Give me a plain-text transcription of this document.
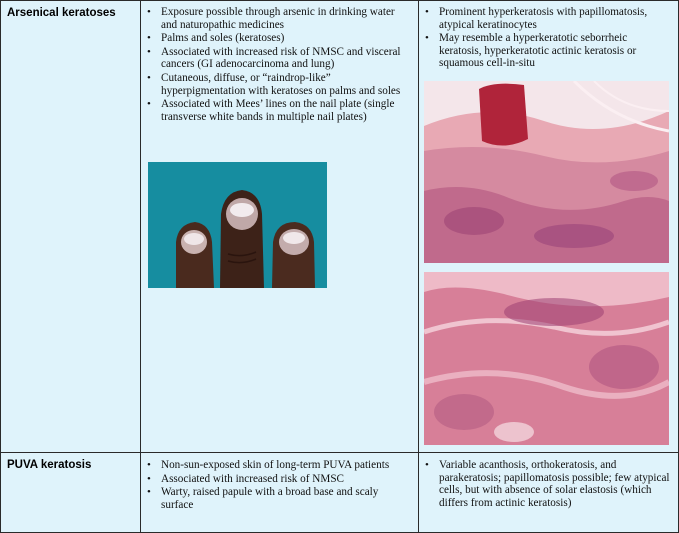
Arsenical keratoses	• Exposure possible through arsenic in drinking water and naturopathic medicines
• Palms and soles (keratoses)
• Associated with increased risk of NMSC and visceral cancers (GI adenocarcinoma and lung)
• Cutaneous, diffuse, or “raindrop-like” hyperpigmentation with keratoses on palms and soles
• Associated with Mees’ lines on the nail plate (single transverse white bands in multiple nail plates)
• Prominent hyperkeratosis with papillomatosis, atypical keratinocytes
• May resemble a hyperkeratotic seborrheic keratosis, hyperkeratotic actinic keratosis or squamous cell-in-situ
PUVA keratosis	• Non-sun-exposed skin of long-term PUVA patients
• Associated with increased risk of NMSC
• Warty, raised papule with a broad base and scaly surface
• Variable acanthosis, orthokeratosis, and parakeratosis; papillomatosis possible; few atypical cells, but with absence of solar elastosis (which differs from actinic keratosis)
